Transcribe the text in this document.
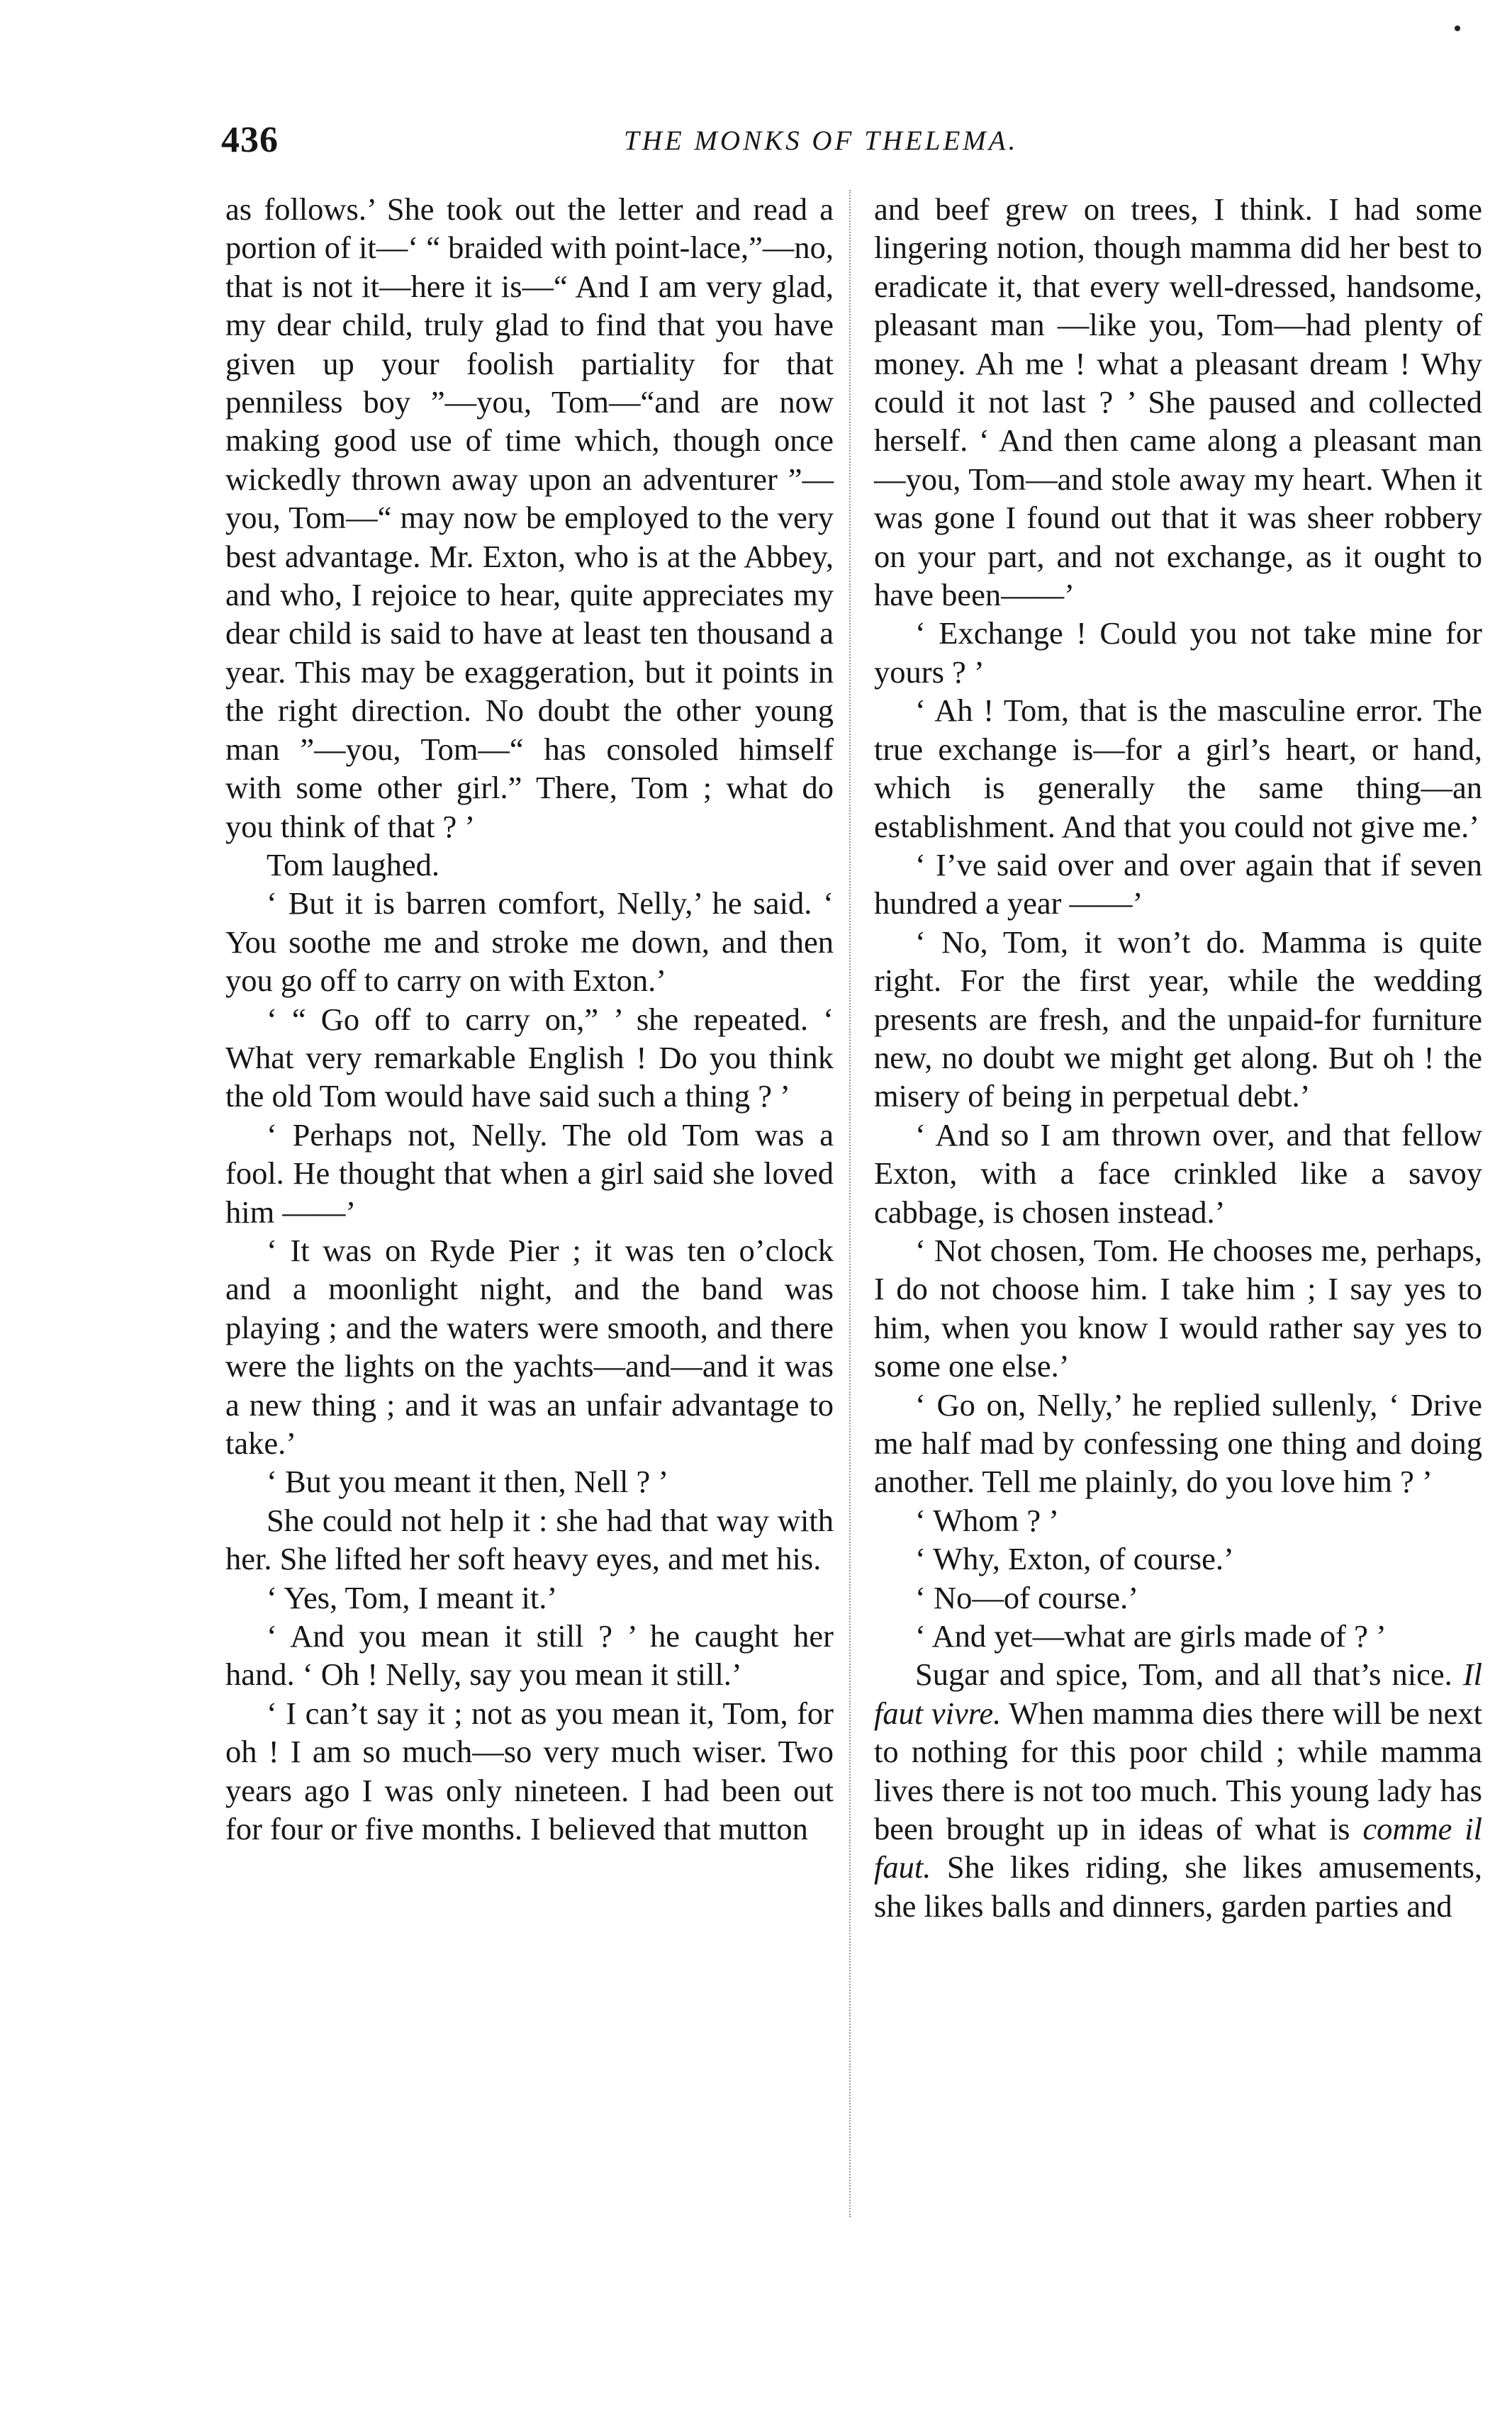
436	THE MONKS OF THELEMA.

as follows.’ She took out the letter and read a portion of it—‘ “ braided with point-lace,”—no, that is not it—here it is—“ And I am very glad, my dear child, truly glad to find that you have given up your foolish partiality for that penniless boy ”—you, Tom—“and are now making good use of time which, though once wickedly thrown away upon an adventurer ”—you, Tom—“ may now be employed to the very best advantage. Mr. Exton, who is at the Abbey, and who, I rejoice to hear, quite appreciates my dear child is said to have at least ten thousand a year. This may be exaggeration, but it points in the right direction. No doubt the other young man ”—you, Tom—“ has consoled himself with some other girl.” There, Tom ; what do you think of that ? ’

Tom laughed.

‘ But it is barren comfort, Nelly,’ he said. ‘ You soothe me and stroke me down, and then you go off to carry on with Exton.’

‘ “ Go off to carry on,” ’ she repeated. ‘ What very remarkable English ! Do you think the old Tom would have said such a thing ? ’

‘ Perhaps not, Nelly. The old Tom was a fool. He thought that when a girl said she loved him ——’

‘ It was on Ryde Pier ; it was ten o’clock and a moonlight night, and the band was playing ; and the waters were smooth, and there were the lights on the yachts—and—and it was a new thing ; and it was an unfair advantage to take.’

‘ But you meant it then, Nell ? ’

She could not help it : she had that way with her. She lifted her soft heavy eyes, and met his.

‘ Yes, Tom, I meant it.’

‘ And you mean it still ? ’ he caught her hand. ‘ Oh ! Nelly, say you mean it still.’

‘ I can’t say it ; not as you mean it, Tom, for oh ! I am so much—so very much wiser. Two years ago I was only nineteen. I had been out for four or five months. I believed that mutton

and beef grew on trees, I think. I had some lingering notion, though mamma did her best to eradicate it, that every well-dressed, handsome, pleasant man —like you, Tom—had plenty of money. Ah me ! what a pleasant dream ! Why could it not last ? ’ She paused and collected herself. ‘ And then came along a pleasant man—you, Tom—and stole away my heart. When it was gone I found out that it was sheer robbery on your part, and not exchange, as it ought to have been——’

‘ Exchange ! Could you not take mine for yours ? ’

‘ Ah ! Tom, that is the masculine error. The true exchange is—for a girl’s heart, or hand, which is generally the same thing—an establishment. And that you could not give me.’

‘ I’ve said over and over again that if seven hundred a year ——’

‘ No, Tom, it won’t do. Mamma is quite right. For the first year, while the wedding presents are fresh, and the unpaid-for furniture new, no doubt we might get along. But oh ! the misery of being in perpetual debt.’

‘ And so I am thrown over, and that fellow Exton, with a face crinkled like a savoy cabbage, is chosen instead.’

‘ Not chosen, Tom. He chooses me, perhaps, I do not choose him. I take him ; I say yes to him, when you know I would rather say yes to some one else.’

‘ Go on, Nelly,’ he replied sullenly, ‘ Drive me half mad by confessing one thing and doing another. Tell me plainly, do you love him ? ’

‘ Whom ? ’

‘ Why, Exton, of course.’

‘ No—of course.’

‘ And yet—what are girls made of ? ’

Sugar and spice, Tom, and all that’s nice. Il faut vivre. When mamma dies there will be next to nothing for this poor child ; while mamma lives there is not too much. This young lady has been brought up in ideas of what is comme il faut. She likes riding, she likes amusements, she likes balls and dinners, garden parties and
